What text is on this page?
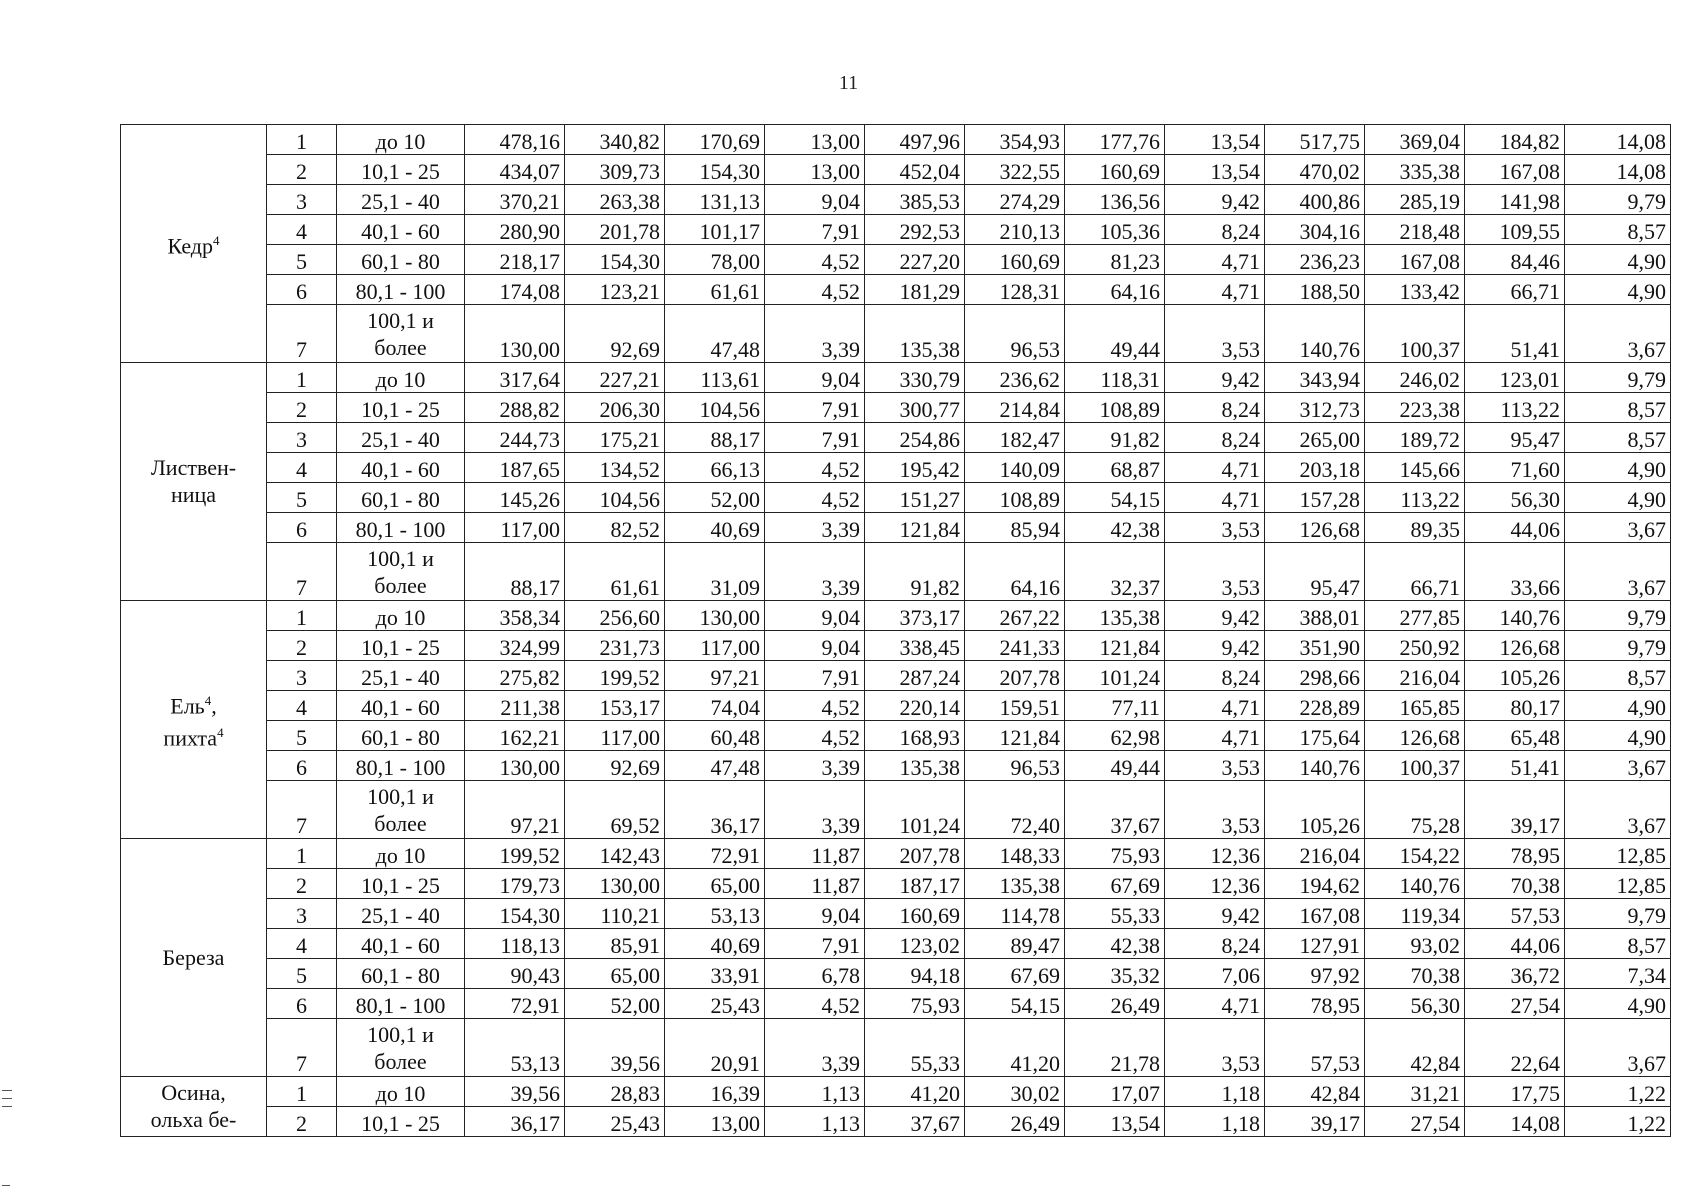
11
Кедр$^4$	1	до 10	478,16	340,82	170,69	13,00	497,96	354,93	177,76	13,54	517,75	369,04	184,82	14,08
	2	10,1 - 25	434,07	309,73	154,30	13,00	452,04	322,55	160,69	13,54	470,02	335,38	167,08	14,08
	3	25,1 - 40	370,21	263,38	131,13	9,04	385,53	274,29	136,56	9,42	400,86	285,19	141,98	9,79
	4	40,1 - 60	280,90	201,78	101,17	7,91	292,53	210,13	105,36	8,24	304,16	218,48	109,55	8,57
	5	60,1 - 80	218,17	154,30	78,00	4,52	227,20	160,69	81,23	4,71	236,23	167,08	84,46	4,90
	6	80,1 - 100	174,08	123,21	61,61	4,52	181,29	128,31	64,16	4,71	188,50	133,42	66,71	4,90
	7	100,1 и более	130,00	92,69	47,48	3,39	135,38	96,53	49,44	3,53	140,76	100,37	51,41	3,67
Листвен-
ница	1	до 10	317,64	227,21	113,61	9,04	330,79	236,62	118,31	9,42	343,94	246,02	123,01	9,79
	2	10,1 - 25	288,82	206,30	104,56	7,91	300,77	214,84	108,89	8,24	312,73	223,38	113,22	8,57
	3	25,1 - 40	244,73	175,21	88,17	7,91	254,86	182,47	91,82	8,24	265,00	189,72	95,47	8,57
	4	40,1 - 60	187,65	134,52	66,13	4,52	195,42	140,09	68,87	4,71	203,18	145,66	71,60	4,90
	5	60,1 - 80	145,26	104,56	52,00	4,52	151,27	108,89	54,15	4,71	157,28	113,22	56,30	4,90
	6	80,1 - 100	117,00	82,52	40,69	3,39	121,84	85,94	42,38	3,53	126,68	89,35	44,06	3,67
	7	100,1 и более	88,17	61,61	31,09	3,39	91,82	64,16	32,37	3,53	95,47	66,71	33,66	3,67
Ель$^4$,
пихта$^4$	1	до 10	358,34	256,60	130,00	9,04	373,17	267,22	135,38	9,42	388,01	277,85	140,76	9,79
	2	10,1 - 25	324,99	231,73	117,00	9,04	338,45	241,33	121,84	9,42	351,90	250,92	126,68	9,79
	3	25,1 - 40	275,82	199,52	97,21	7,91	287,24	207,78	101,24	8,24	298,66	216,04	105,26	8,57
	4	40,1 - 60	211,38	153,17	74,04	4,52	220,14	159,51	77,11	4,71	228,89	165,85	80,17	4,90
	5	60,1 - 80	162,21	117,00	60,48	4,52	168,93	121,84	62,98	4,71	175,64	126,68	65,48	4,90
	6	80,1 - 100	130,00	92,69	47,48	3,39	135,38	96,53	49,44	3,53	140,76	100,37	51,41	3,67
	7	100,1 и более	97,21	69,52	36,17	3,39	101,24	72,40	37,67	3,53	105,26	75,28	39,17	3,67
Береза	1	до 10	199,52	142,43	72,91	11,87	207,78	148,33	75,93	12,36	216,04	154,22	78,95	12,85
	2	10,1 - 25	179,73	130,00	65,00	11,87	187,17	135,38	67,69	12,36	194,62	140,76	70,38	12,85
	3	25,1 - 40	154,30	110,21	53,13	9,04	160,69	114,78	55,33	9,42	167,08	119,34	57,53	9,79
	4	40,1 - 60	118,13	85,91	40,69	7,91	123,02	89,47	42,38	8,24	127,91	93,02	44,06	8,57
	5	60,1 - 80	90,43	65,00	33,91	6,78	94,18	67,69	35,32	7,06	97,92	70,38	36,72	7,34
	6	80,1 - 100	72,91	52,00	25,43	4,52	75,93	54,15	26,49	4,71	78,95	56,30	27,54	4,90
	7	100,1 и более	53,13	39,56	20,91	3,39	55,33	41,20	21,78	3,53	57,53	42,84	22,64	3,67
Осина,
ольха бе-	1	до 10	39,56	28,83	16,39	1,13	41,20	30,02	17,07	1,18	42,84	31,21	17,75	1,22
	2	10,1 - 25	36,17	25,43	13,00	1,13	37,67	26,49	13,54	1,18	39,17	27,54	14,08	1,22
